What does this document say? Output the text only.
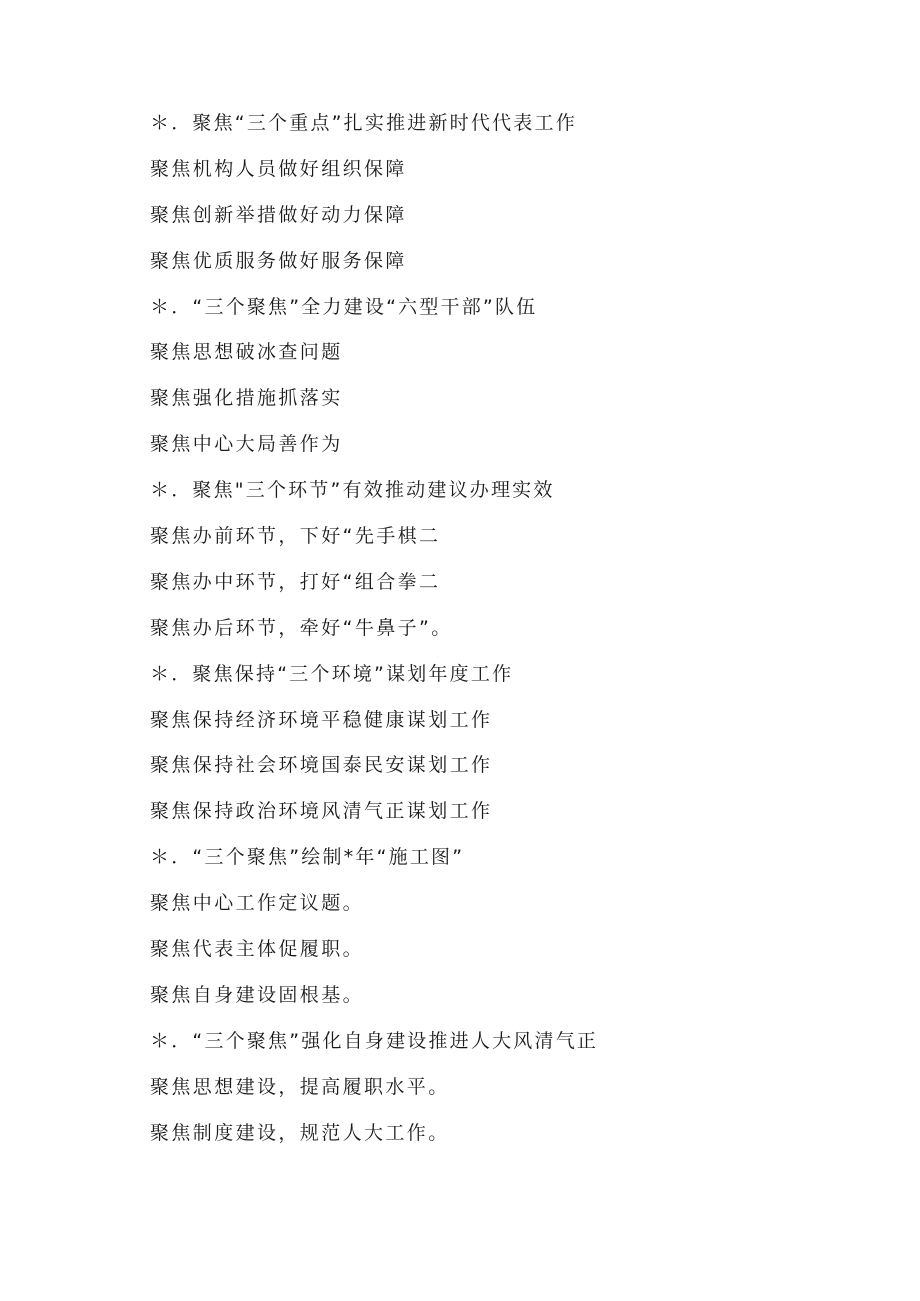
＊．聚焦“三个重点”扎实推进新时代代表工作
聚焦机构人员做好组织保障
聚焦创新举措做好动力保障
聚焦优质服务做好服务保障
＊．“三个聚焦”全力建设“六型干部”队伍
聚焦思想破冰查问题
聚焦强化措施抓落实
聚焦中心大局善作为
＊．聚焦"三个环节”有效推动建议办理实效
聚焦办前环节，下好“先手棋二
聚焦办中环节，打好“组合拳二
聚焦办后环节，牵好“牛鼻子”。
＊．聚焦保持“三个环境”谋划年度工作
聚焦保持经济环境平稳健康谋划工作
聚焦保持社会环境国泰民安谋划工作
聚焦保持政治环境风清气正谋划工作
＊．“三个聚焦”绘制*年“施工图”
聚焦中心工作定议题。
聚焦代表主体促履职。
聚焦自身建设固根基。
＊．“三个聚焦”强化自身建设推进人大风清气正
聚焦思想建设，提高履职水平。
聚焦制度建设，规范人大工作。
